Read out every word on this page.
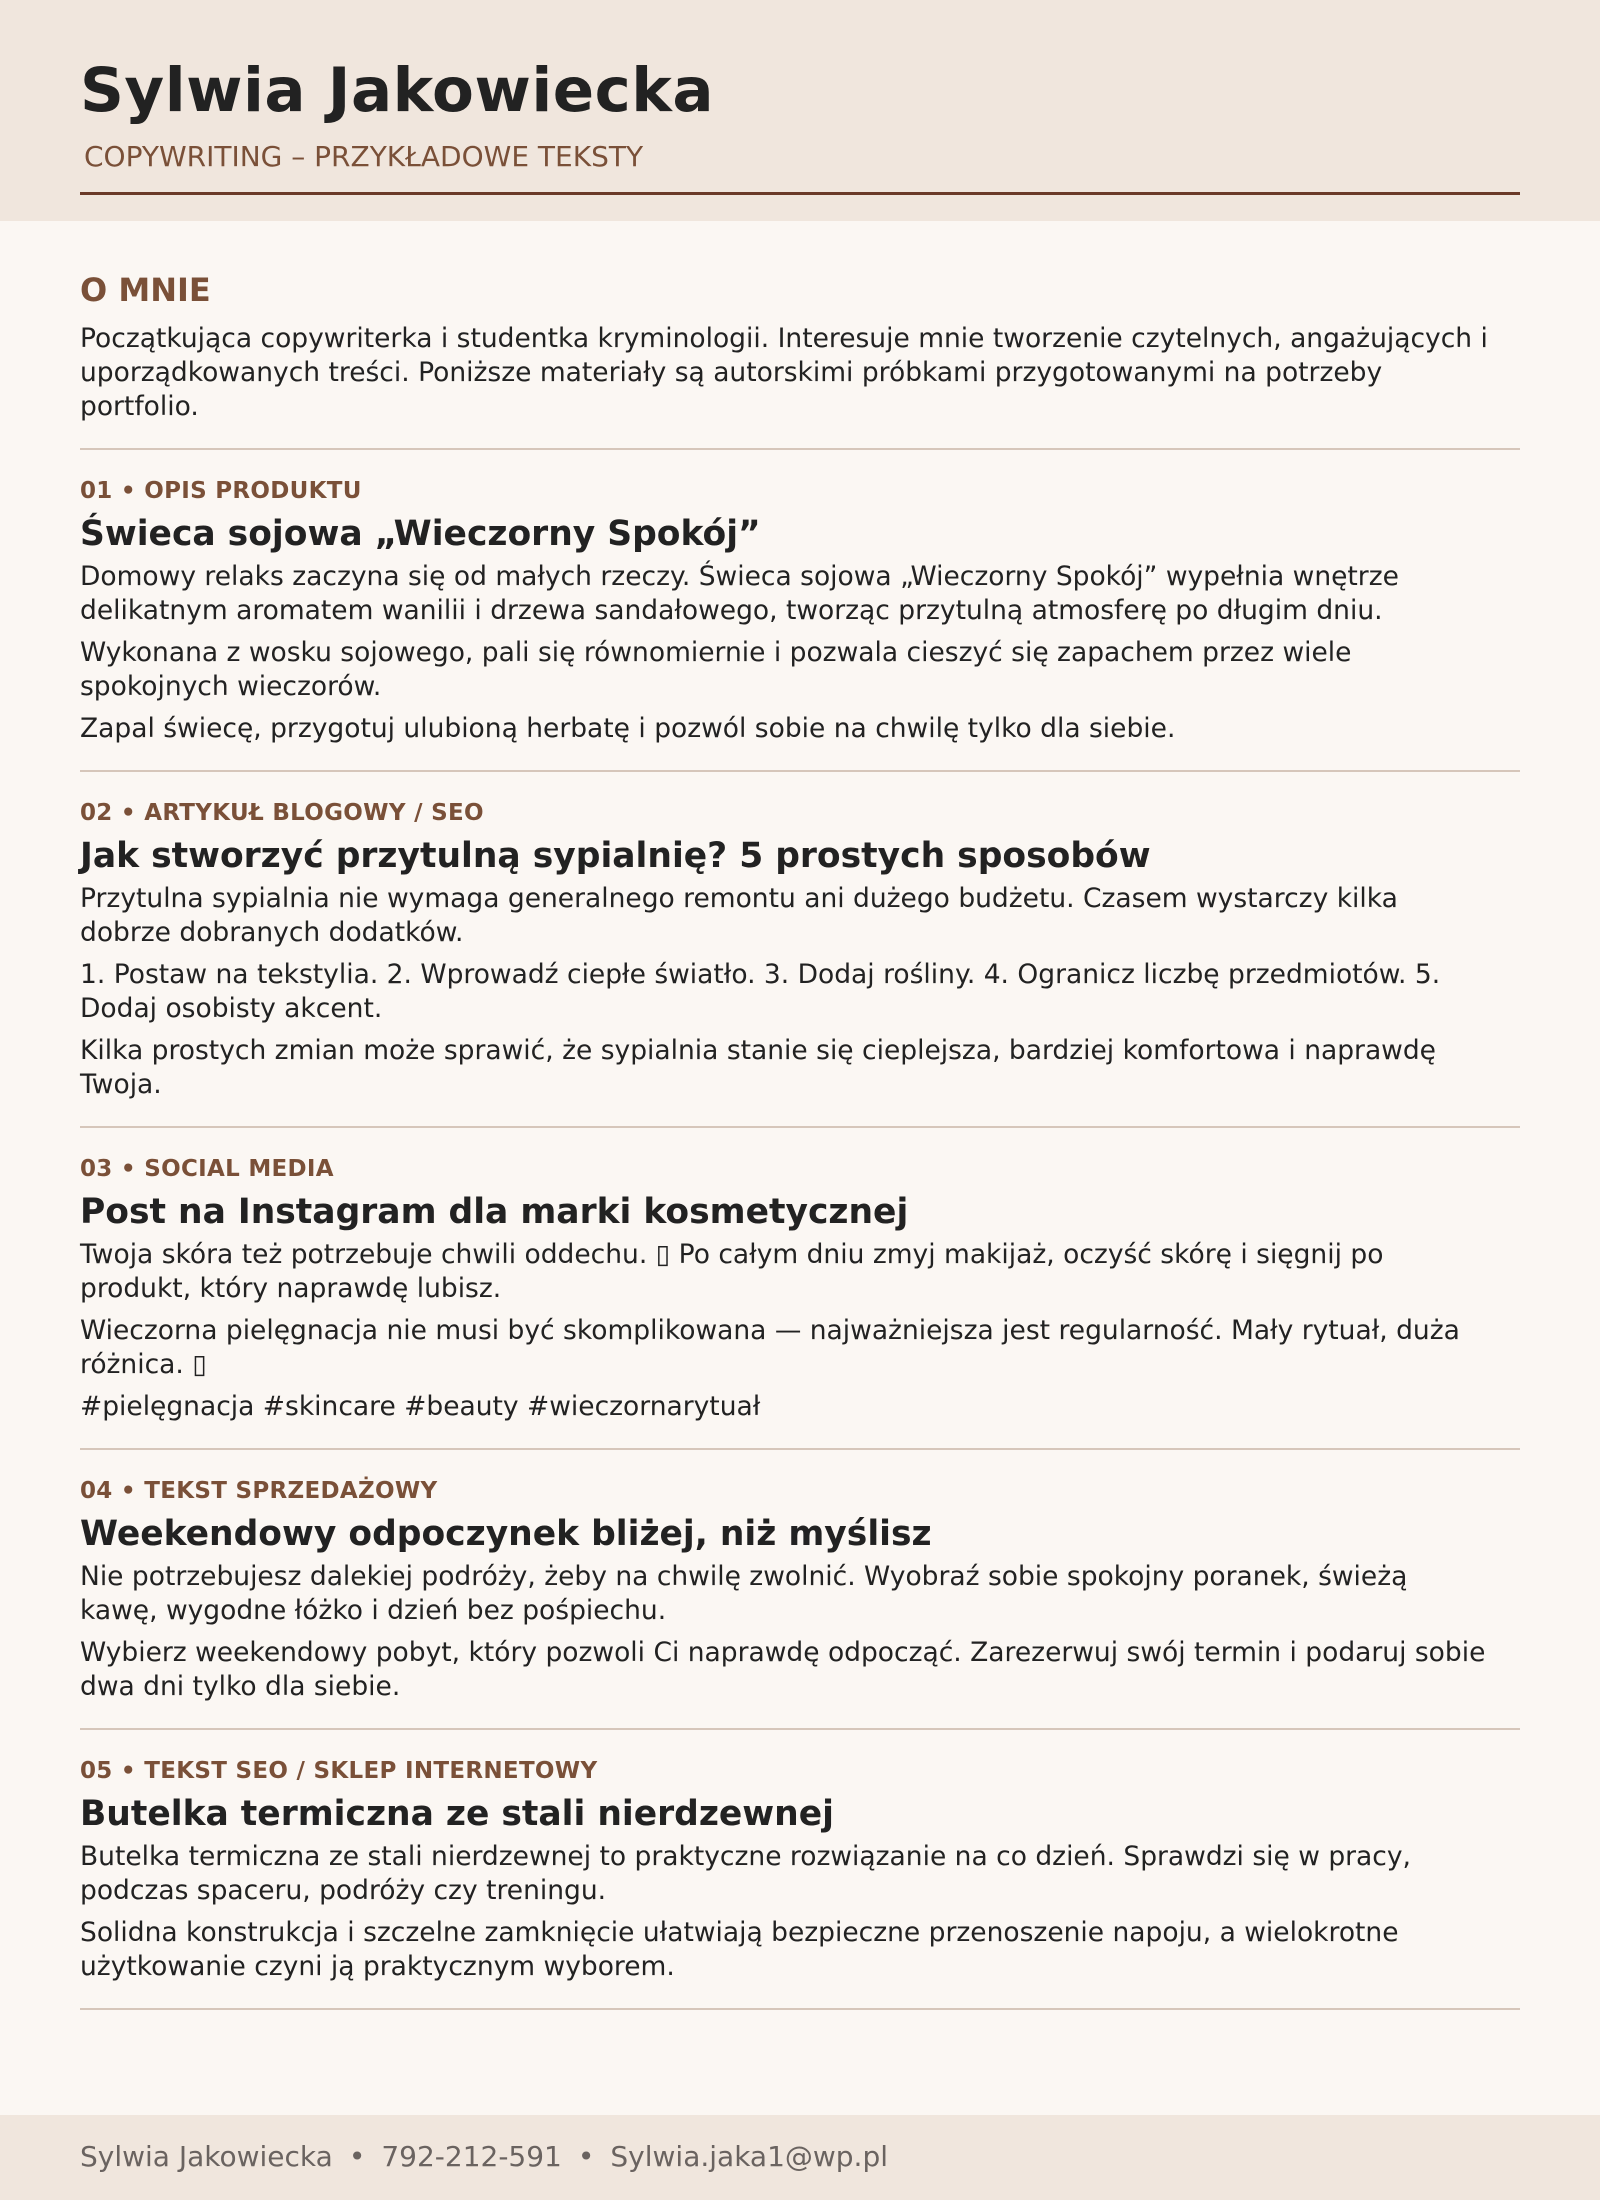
Sylwia Jakowiecka
COPYWRITING – PRZYKŁADOWE TEKSTY
O MNIE

Początkująca copywriterka i studentka kryminologii. Interesuje mnie tworzenie czytelnych, angażujących i uporządkowanych treści. Poniższe materiały są autorskimi próbkami przygotowanymi na potrzeby portfolio.

01 • OPIS PRODUKTU
Świeca sojowa „Wieczorny Spokój”

Domowy relaks zaczyna się od małych rzeczy. Świeca sojowa „Wieczorny Spokój” wypełnia wnętrze delikatnym aromatem wanilii i drzewa sandałowego, tworząc przytulną atmosferę po długim dniu.

Wykonana z wosku sojowego, pali się równomiernie i pozwala cieszyć się zapachem przez wiele spokojnych wieczorów.

Zapal świecę, przygotuj ulubioną herbatę i pozwól sobie na chwilę tylko dla siebie.

02 • ARTYKUŁ BLOGOWY / SEO
Jak stworzyć przytulną sypialnię? 5 prostych sposobów

Przytulna sypialnia nie wymaga generalnego remontu ani dużego budżetu. Czasem wystarczy kilka dobrze dobranych dodatków.

1. Postaw na tekstylia. 2. Wprowadź ciepłe światło. 3. Dodaj rośliny. 4. Ogranicz liczbę przedmiotów. 5. Dodaj osobisty akcent.

Kilka prostych zmian może sprawić, że sypialnia stanie się cieplejsza, bardziej komfortowa i naprawdę Twoja.

03 • SOCIAL MEDIA
Post na Instagram dla marki kosmetycznej

Twoja skóra też potrzebuje chwili oddechu. ▯ Po całym dniu zmyj makijaż, oczyść skórę i sięgnij po produkt, który naprawdę lubisz.

Wieczorna pielęgnacja nie musi być skomplikowana — najważniejsza jest regularność. Mały rytuał, duża różnica. ▯

#pielęgnacja #skincare #beauty #wieczornarytuał

04 • TEKST SPRZEDAŻOWY
Weekendowy odpoczynek bliżej, niż myślisz

Nie potrzebujesz dalekiej podróży, żeby na chwilę zwolnić. Wyobraź sobie spokojny poranek, świeżą kawę, wygodne łóżko i dzień bez pośpiechu.

Wybierz weekendowy pobyt, który pozwoli Ci naprawdę odpocząć. Zarezerwuj swój termin i podaruj sobie dwa dni tylko dla siebie.

05 • TEKST SEO / SKLEP INTERNETOWY
Butelka termiczna ze stali nierdzewnej

Butelka termiczna ze stali nierdzewnej to praktyczne rozwiązanie na co dzień. Sprawdzi się w pracy, podczas spaceru, podróży czy treningu.

Solidna konstrukcja i szczelne zamknięcie ułatwiają bezpieczne przenoszenie napoju, a wielokrotne użytkowanie czyni ją praktycznym wyborem.

Sylwia Jakowiecka • 792-212-591 • Sylwia.jaka1@wp.pl
